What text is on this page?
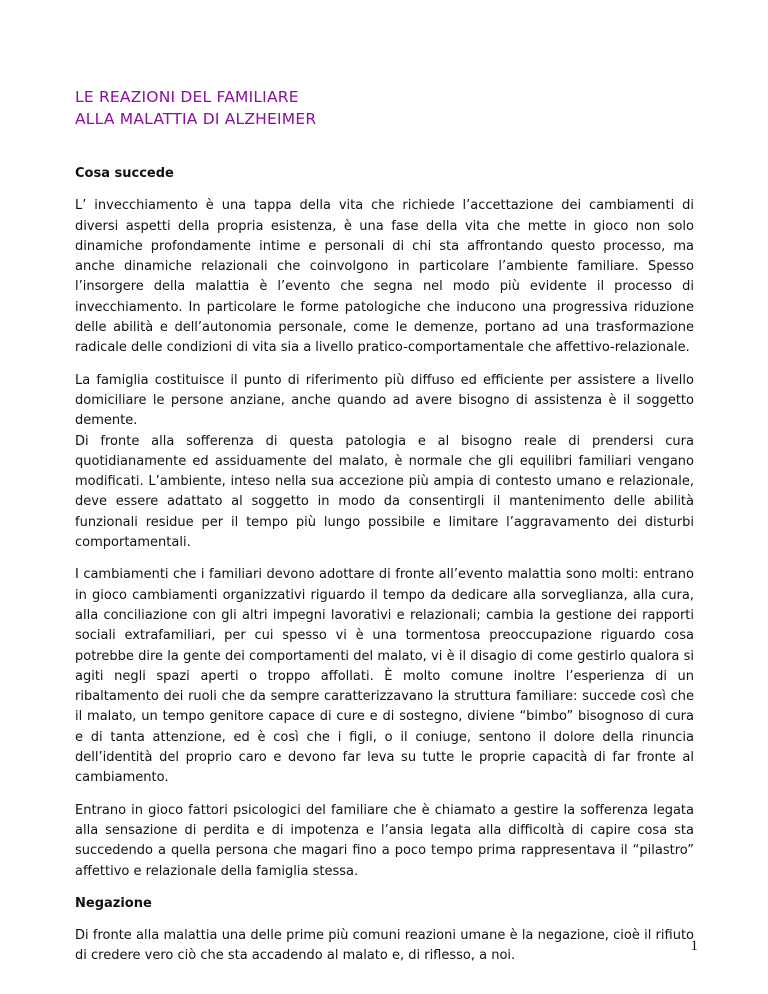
LE REAZIONI DEL FAMILIARE
ALLA MALATTIA DI ALZHEIMER
Cosa succede

L’ invecchiamento è una tappa della vita che richiede l’accettazione dei cambiamenti di diversi aspetti della propria esistenza, è una fase della vita che mette in gioco non solo dinamiche profondamente intime e personali di chi sta affrontando questo processo, ma anche dinamiche relazionali che coinvolgono in particolare l’ambiente familiare. Spesso l’insorgere della malattia è l’evento che segna nel modo più evidente il processo di invecchiamento. In particolare le forme patologiche che inducono una progressiva riduzione delle abilità e dell’autonomia personale, come le demenze, portano ad una trasformazione radicale delle condizioni di vita sia a livello pratico-comportamentale che affettivo-relazionale.

La famiglia costituisce il punto di riferimento più diffuso ed efficiente per assistere a livello domiciliare le persone anziane, anche quando ad avere bisogno di assistenza è il soggetto demente.

Di fronte alla sofferenza di questa patologia e al bisogno reale di prendersi cura quotidianamente ed assiduamente del malato, è normale che gli equilibri familiari vengano modificati. L’ambiente, inteso nella sua accezione più ampia di contesto umano e relazionale, deve essere adattato al soggetto in modo da consentirgli il mantenimento delle abilità funzionali residue per il tempo più lungo possibile e limitare l’aggravamento dei disturbi comportamentali.

I cambiamenti che i familiari devono adottare di fronte all’evento malattia sono molti: entrano in gioco cambiamenti organizzativi riguardo il tempo da dedicare alla sorveglianza, alla cura, alla conciliazione con gli altri impegni lavorativi e relazionali; cambia la gestione dei rapporti sociali extrafamiliari, per cui spesso vi è una tormentosa preoccupazione riguardo cosa potrebbe dire la gente dei comportamenti del malato, vi è il disagio di come gestirlo qualora si agiti negli spazi aperti o troppo affollati. È molto comune inoltre l’esperienza di un ribaltamento dei ruoli che da sempre caratterizzavano la struttura familiare: succede così che il malato, un tempo genitore capace di cure e di sostegno, diviene “bimbo” bisognoso di cura e di tanta attenzione, ed è così che i figli, o il coniuge, sentono il dolore della rinuncia dell’identità del proprio caro e devono far leva su tutte le proprie capacità di far fronte al cambiamento.

Entrano in gioco fattori psicologici del familiare che è chiamato a gestire la sofferenza legata alla sensazione di perdita e di impotenza e l’ansia legata alla difficoltà di capire cosa sta succedendo a quella persona che magari fino a poco tempo prima rappresentava il “pilastro” affettivo e relazionale della famiglia stessa.

Negazione

Di fronte alla malattia una delle prime più comuni reazioni umane è la negazione, cioè il rifiuto di credere vero ciò che sta accadendo al malato e, di riflesso, a noi.

1
